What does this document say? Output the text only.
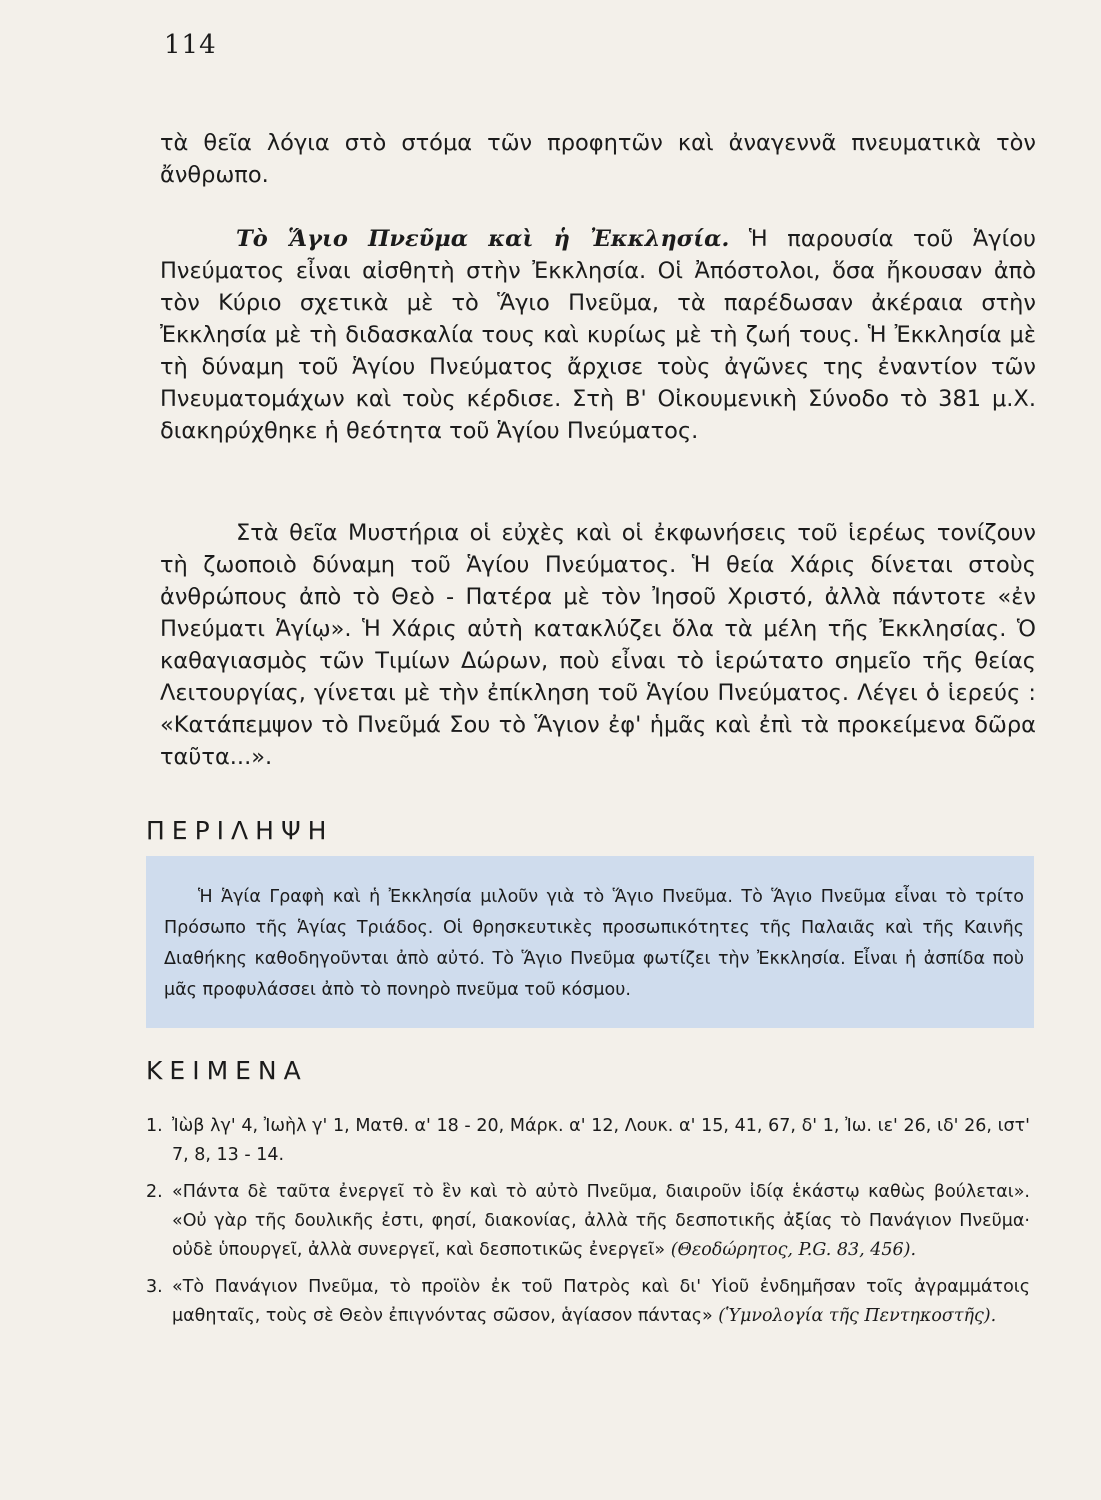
114

τὰ θεῖα λόγια στὸ στόμα τῶν προφητῶν καὶ ἀναγεννᾶ πνευματικὰ τὸν ἄνθρωπο.

Τὸ Ἅγιο Πνεῦμα καὶ ἡ Ἐκκλησία. Ἡ παρουσία τοῦ Ἁγίου Πνεύματος εἶναι αἰσθητὴ στὴν Ἐκκλησία. Οἱ Ἀπόστολοι, ὅσα ἤκουσαν ἀπὸ τὸν Κύριο σχετικὰ μὲ τὸ Ἅγιο Πνεῦμα, τὰ παρέδωσαν ἀκέραια στὴν Ἐκκλησία μὲ τὴ διδασκαλία τους καὶ κυρίως μὲ τὴ ζωή τους. Ἡ Ἐκκλησία μὲ τὴ δύναμη τοῦ Ἁγίου Πνεύματος ἄρχισε τοὺς ἀγῶνες της ἐναντίον τῶν Πνευματομάχων καὶ τοὺς κέρδισε. Στὴ Β' Οἰκουμενικὴ Σύνοδο τὸ 381 μ.Χ. διακηρύχθηκε ἡ θεότητα τοῦ Ἁγίου Πνεύματος.

Στὰ θεῖα Μυστήρια οἱ εὐχὲς καὶ οἱ ἐκφωνήσεις τοῦ ἱερέως τονίζουν τὴ ζωοποιὸ δύναμη τοῦ Ἁγίου Πνεύματος. Ἡ θεία Χάρις δίνεται στοὺς ἀνθρώπους ἀπὸ τὸ Θεὸ - Πατέρα μὲ τὸν Ἰησοῦ Χριστό, ἀλλὰ πάντοτε «ἐν Πνεύματι Ἁγίῳ». Ἡ Χάρις αὐτὴ κατακλύζει ὅλα τὰ μέλη τῆς Ἐκκλησίας. Ὁ καθαγιασμὸς τῶν Τιμίων Δώρων, ποὺ εἶναι τὸ ἱερώτατο σημεῖο τῆς θείας Λειτουργίας, γίνεται μὲ τὴν ἐπίκληση τοῦ Ἁγίου Πνεύματος. Λέγει ὁ ἱερεύς : «Κατάπεμψον τὸ Πνεῦμά Σου τὸ Ἅγιον ἐφ' ἡμᾶς καὶ ἐπὶ τὰ προκείμενα δῶρα ταῦτα...».

ΠΕΡΙΛΗΨΗ

Ἡ Ἁγία Γραφὴ καὶ ἡ Ἐκκλησία μιλοῦν γιὰ τὸ Ἅγιο Πνεῦμα. Τὸ Ἅγιο Πνεῦμα εἶναι τὸ τρίτο Πρόσωπο τῆς Ἁγίας Τριάδος. Οἱ θρησκευτικὲς προσωπικότητες τῆς Παλαιᾶς καὶ τῆς Καινῆς Διαθήκης καθοδηγοῦνται ἀπὸ αὐτό. Τὸ Ἅγιο Πνεῦμα φωτίζει τὴν Ἐκκλησία. Εἶναι ἡ ἀσπίδα ποὺ μᾶς προφυλάσσει ἀπὸ τὸ πονηρὸ πνεῦμα τοῦ κόσμου.

ΚΕΙΜΕΝΑ
1. Ἰὼβ λγ' 4, Ἰωὴλ γ' 1, Ματθ. α' 18 - 20, Μάρκ. α' 12, Λουκ. α' 15, 41, 67, δ' 1, Ἰω. ιε' 26, ιδ' 26, ιστ' 7, 8, 13 - 14.
2. «Πάντα δὲ ταῦτα ἐνεργεῖ τὸ ἓν καὶ τὸ αὐτὸ Πνεῦμα, διαιροῦν ἰδίᾳ ἑκάστῳ καθὼς βούλεται». «Οὐ γὰρ τῆς δουλικῆς ἐστι, φησί, διακονίας, ἀλλὰ τῆς δεσποτικῆς ἀξίας τὸ Πανάγιον Πνεῦμα· οὐδὲ ὑπουργεῖ, ἀλλὰ συνεργεῖ, καὶ δεσποτικῶς ἐνεργεῖ» (Θεοδώρητος, P.G. 83, 456).
3. «Τὸ Πανάγιον Πνεῦμα, τὸ προϊὸν ἐκ τοῦ Πατρὸς καὶ δι' Υἱοῦ ἐνδημῆσαν τοῖς ἀγραμμάτοις μαθηταῖς, τοὺς σὲ Θεὸν ἐπιγνόντας σῶσον, ἁγίασον πάντας» (Ὑμνολογία τῆς Πεντηκοστῆς).
